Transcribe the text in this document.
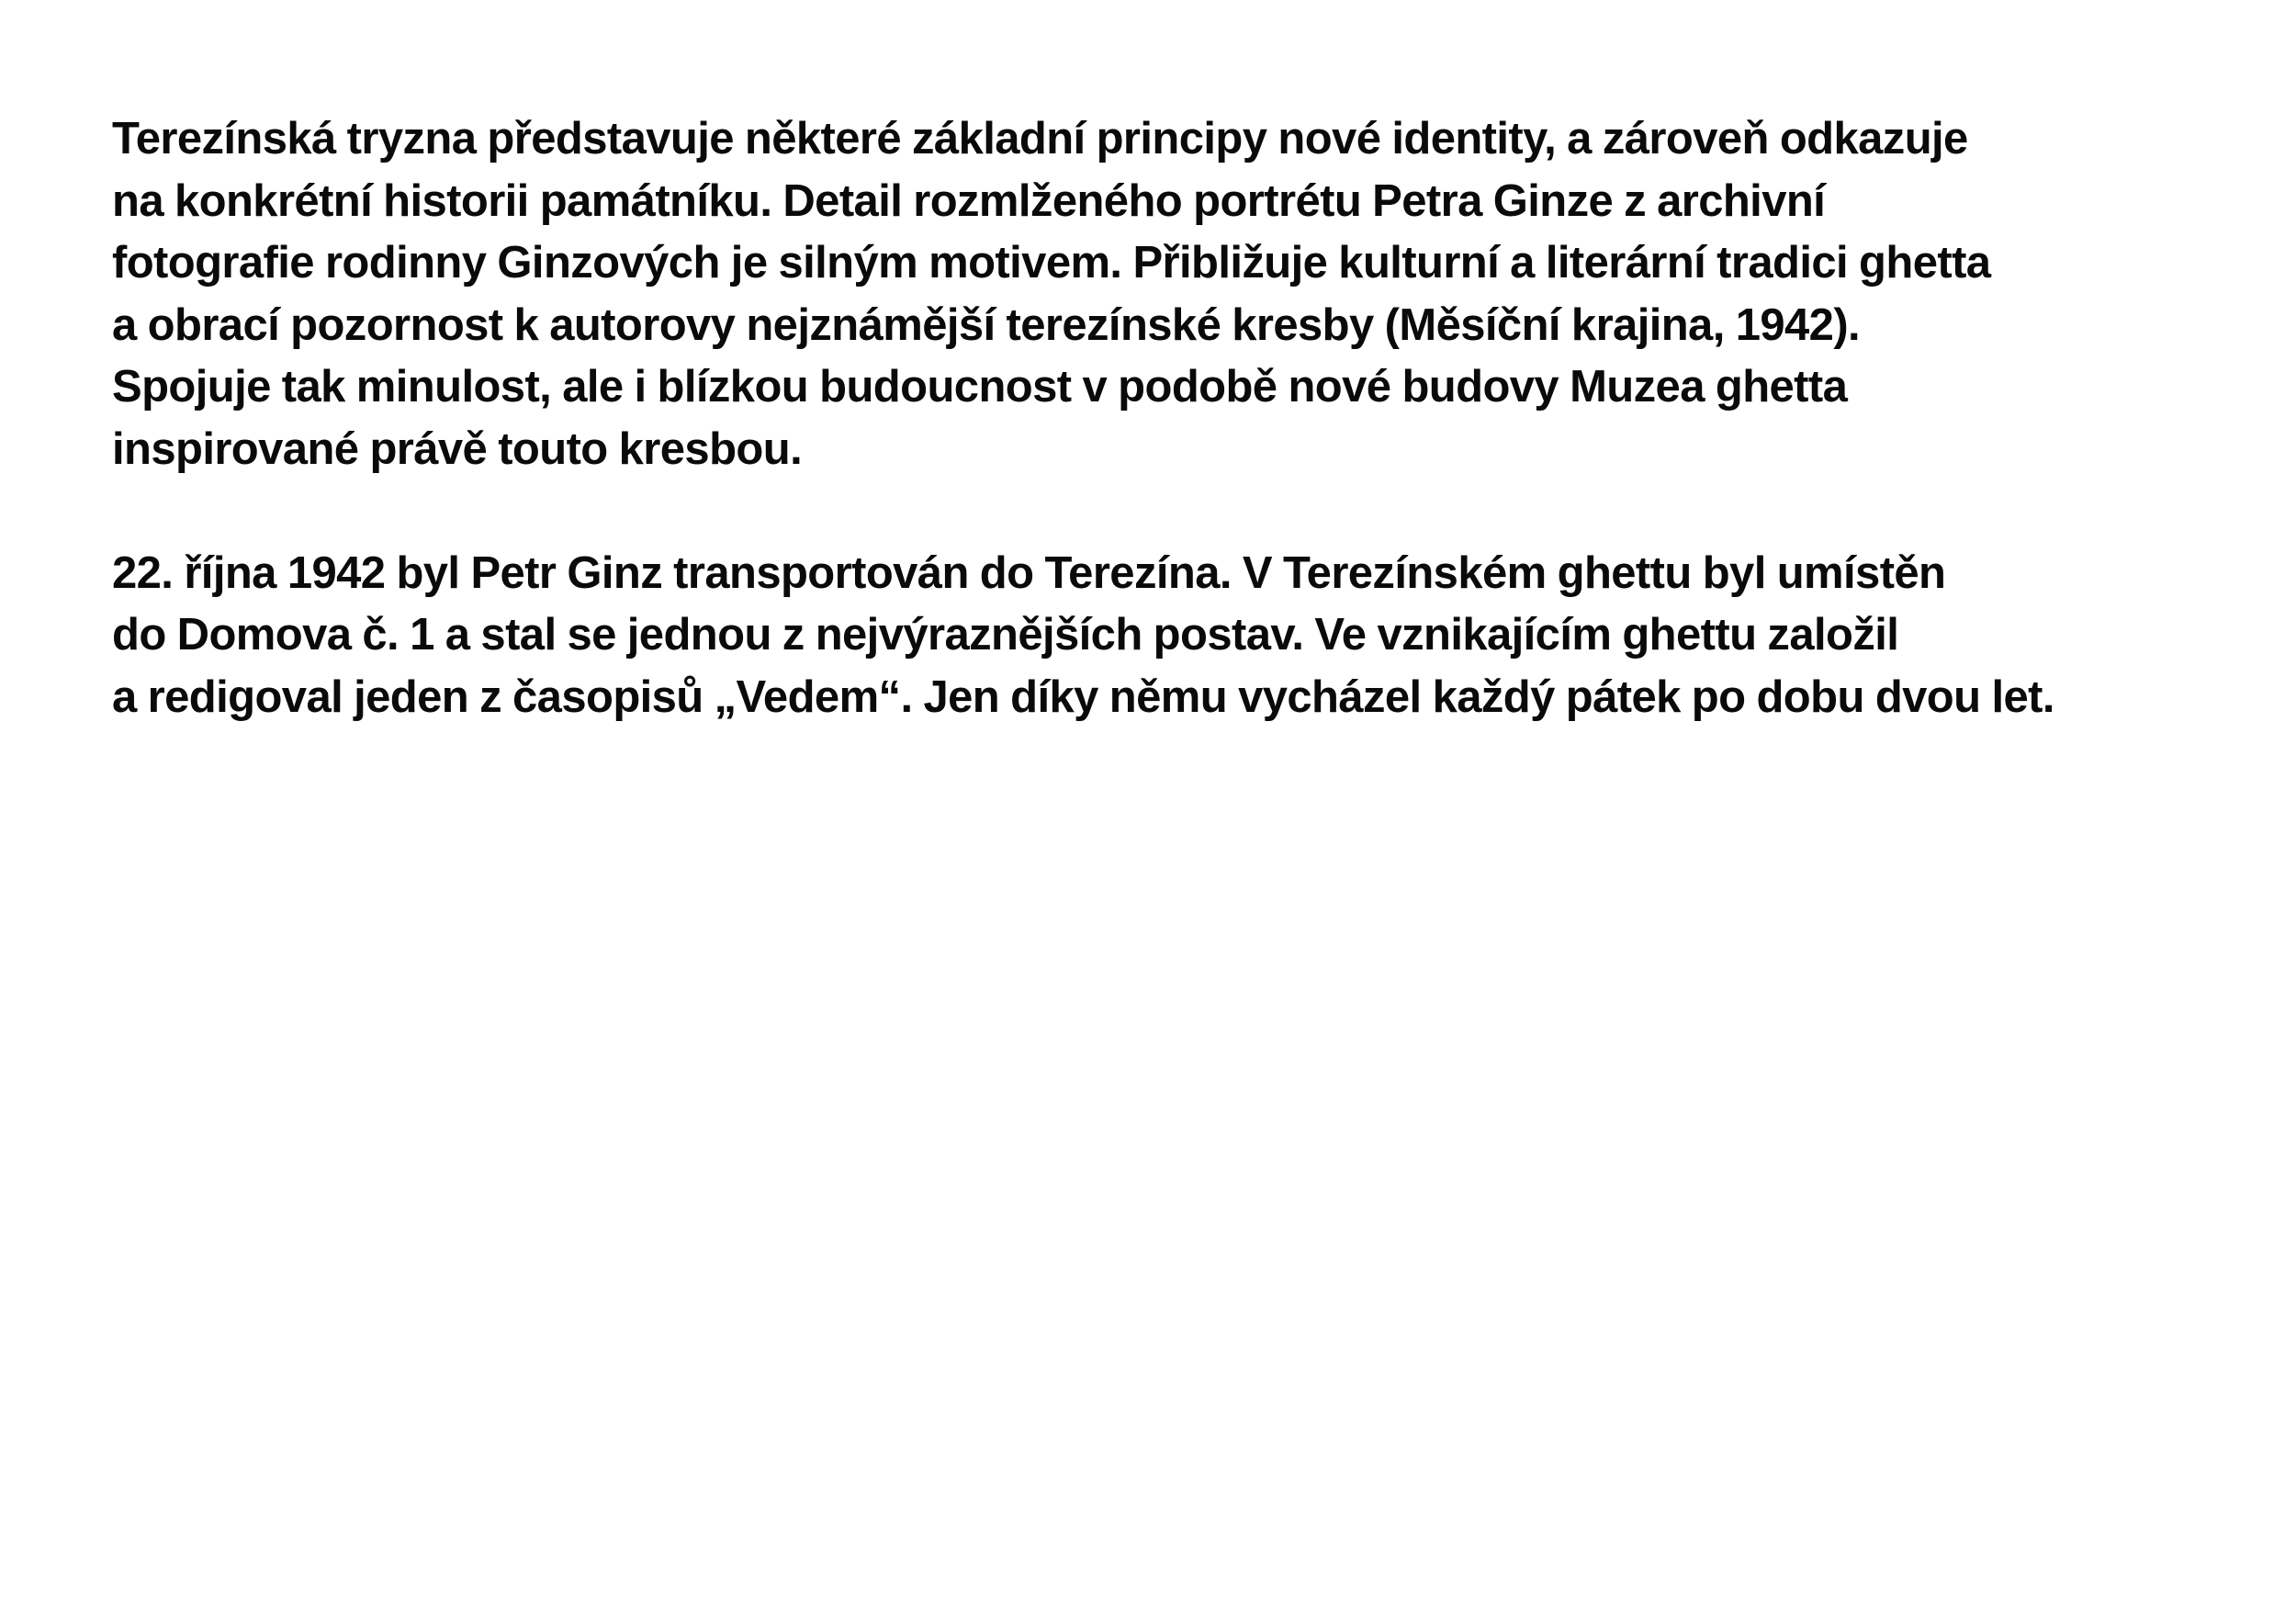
Terezínská tryzna představuje některé základní principy nové identity, a zároveň odkazuje
na konkrétní historii památníku. Detail rozmlženého portrétu Petra Ginze z archivní
fotografie rodinny Ginzových je silným motivem. Přibližuje kulturní a literární tradici ghetta
a obrací pozornost k autorovy nejznámější terezínské kresby (Měsíční krajina, 1942).
Spojuje tak minulost, ale i blízkou budoucnost v podobě nové budovy Muzea ghetta
inspirované právě touto kresbou.

22. října 1942 byl Petr Ginz transportován do Terezína. V Terezínském ghettu byl umístěn
do Domova č. 1 a stal se jednou z nejvýraznějších postav. Ve vznikajícím ghettu založil
a redigoval jeden z časopisů „Vedem“. Jen díky němu vycházel každý pátek po dobu dvou let.
